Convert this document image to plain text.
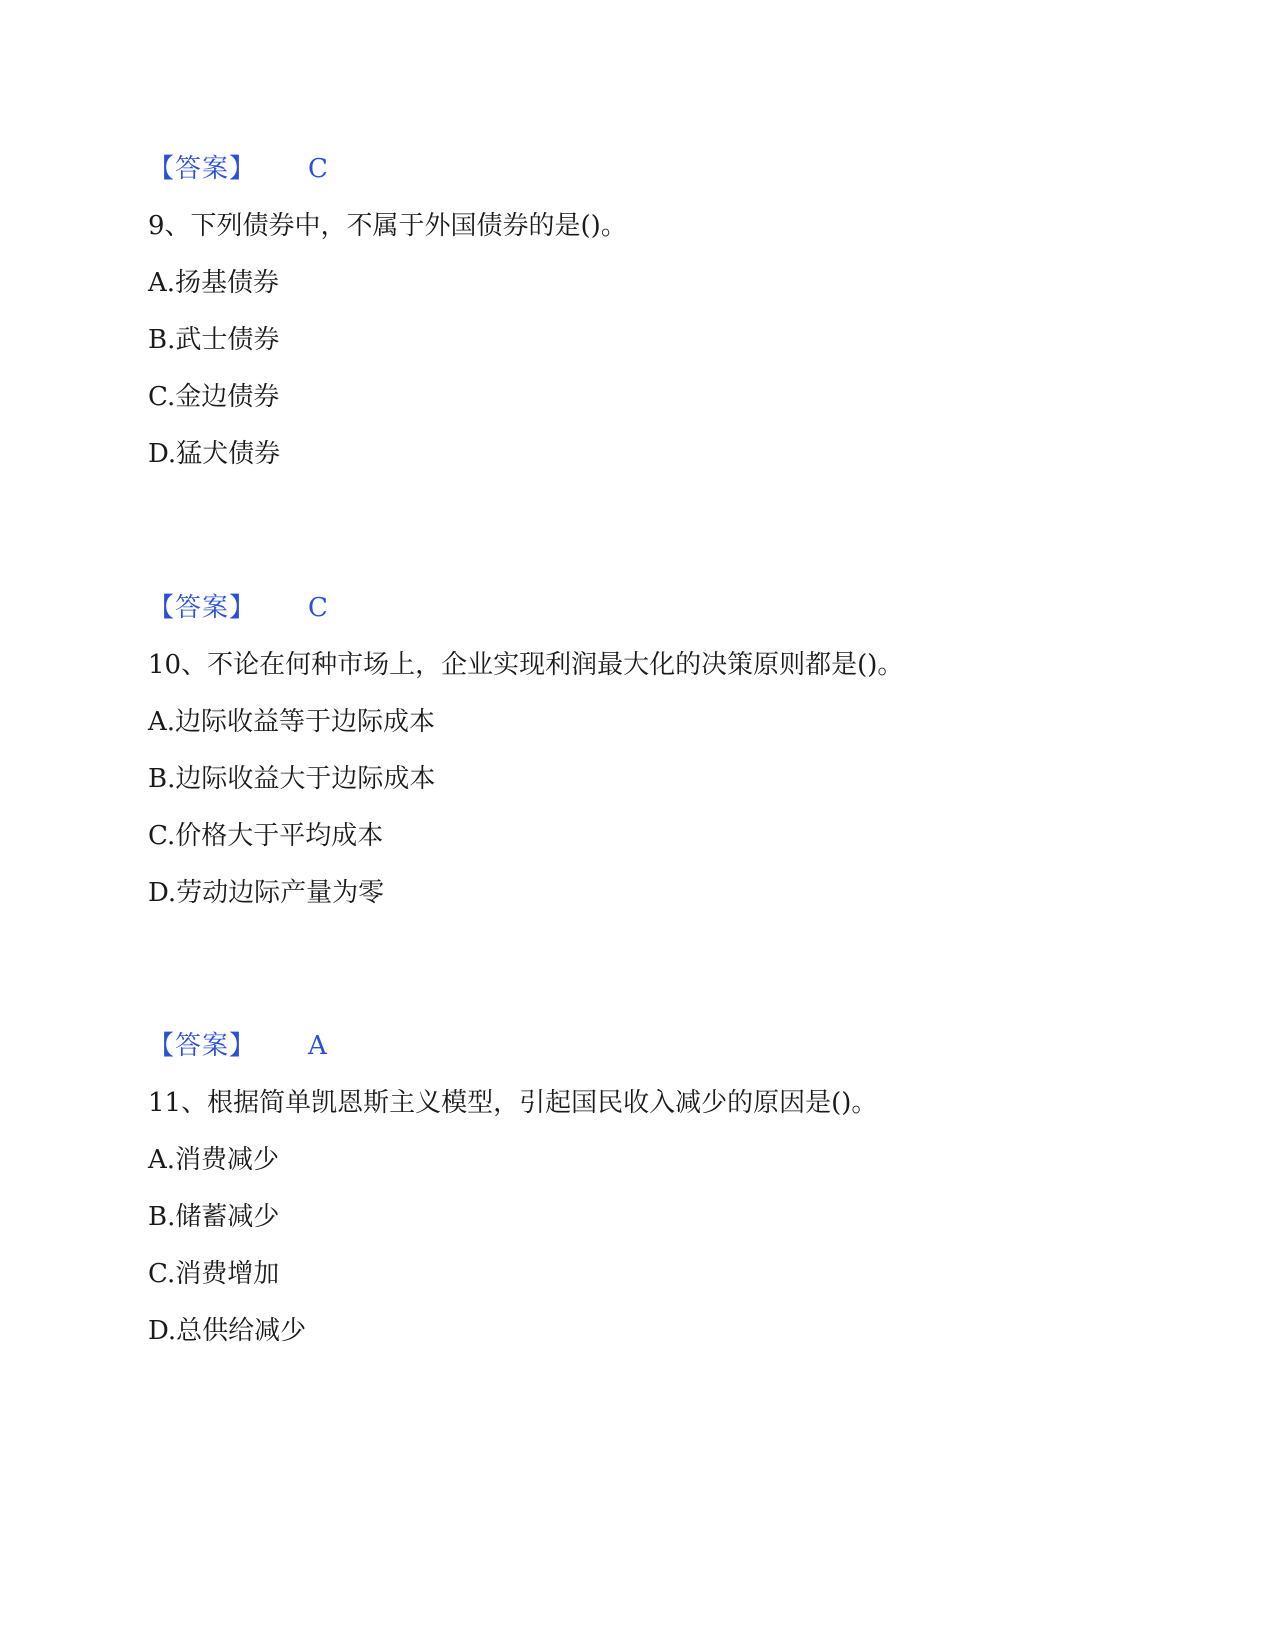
【答案】 C
9、下列债券中，不属于外国债券的是()。
A.扬基债券
B.武士债券
C.金边债券
D.猛犬债券
【答案】 C
10、不论在何种市场上，企业实现利润最大化的决策原则都是()。
A.边际收益等于边际成本
B.边际收益大于边际成本
C.价格大于平均成本
D.劳动边际产量为零
【答案】 A
11、根据简单凯恩斯主义模型，引起国民收入减少的原因是()。
A.消费减少
B.储蓄减少
C.消费增加
D.总供给减少
